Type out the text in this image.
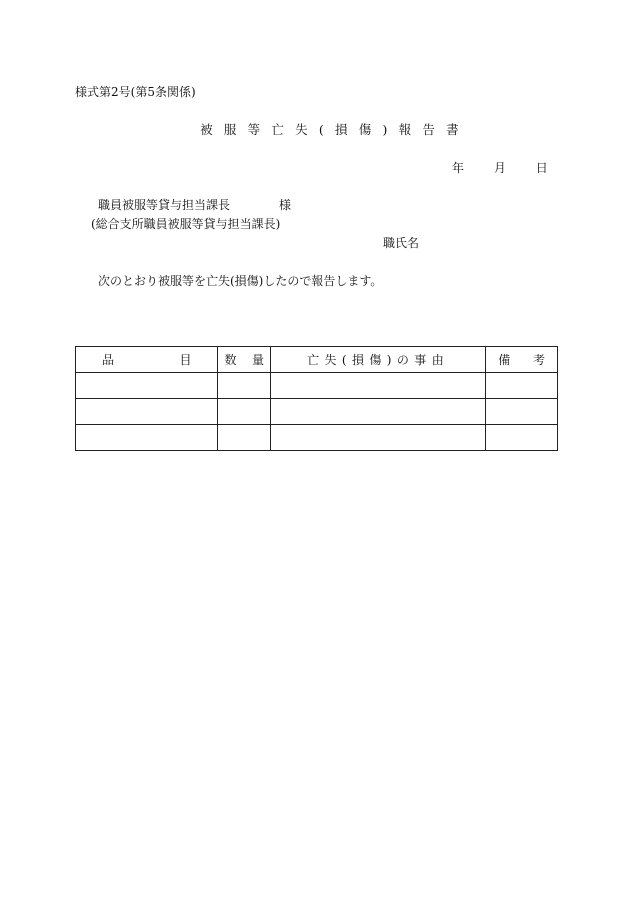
様式第2号(第5条関係)
被服等亡失(損傷)報告書
年 月 日
職員被服等貸与担当課長	様
(総合支所職員被服等貸与担当課長)
職氏名
次のとおり被服等を亡失(損傷)したので報告します。
品 目	数 量	亡失(損傷)の事由	備 考
